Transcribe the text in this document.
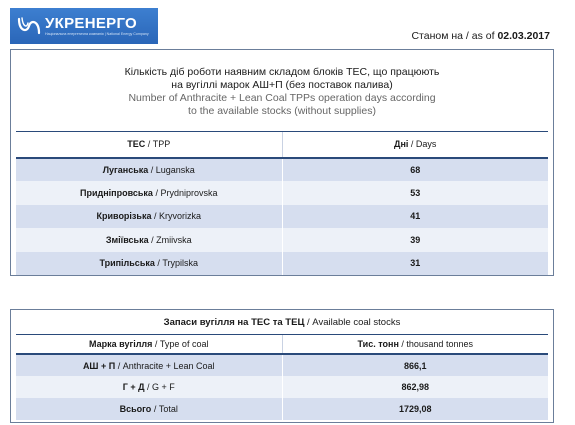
УКРЕНЕРГО
Національна енергетична компанія | National Energy Company	Станом на / as of 02.03.2017
Кількість діб роботи наявним складом блоків ТЕС, що працюють
на вугіллі марок АШ+П (без поставок палива)
Number of Anthracite + Lean Coal TPPs operation days according
to the available stocks (without supplies)
ТЕС / TPP	Дні / Days
Луганська / Luganska	68
Придніпровська / Prydniprovska	53
Криворізька / Kryvorizka	41
Зміївська / Zmiivska	39
Трипільська / Trypilska	31
Запаси вугілля на ТЕС та ТЕЦ / Available coal stocks	
Марка вугілля / Type of coal	Тис. тонн / thousand tonnes
АШ + П / Anthracite + Lean Coal	866,1
Г + Д / G + F	862,98
Всього / Total	1729,08
